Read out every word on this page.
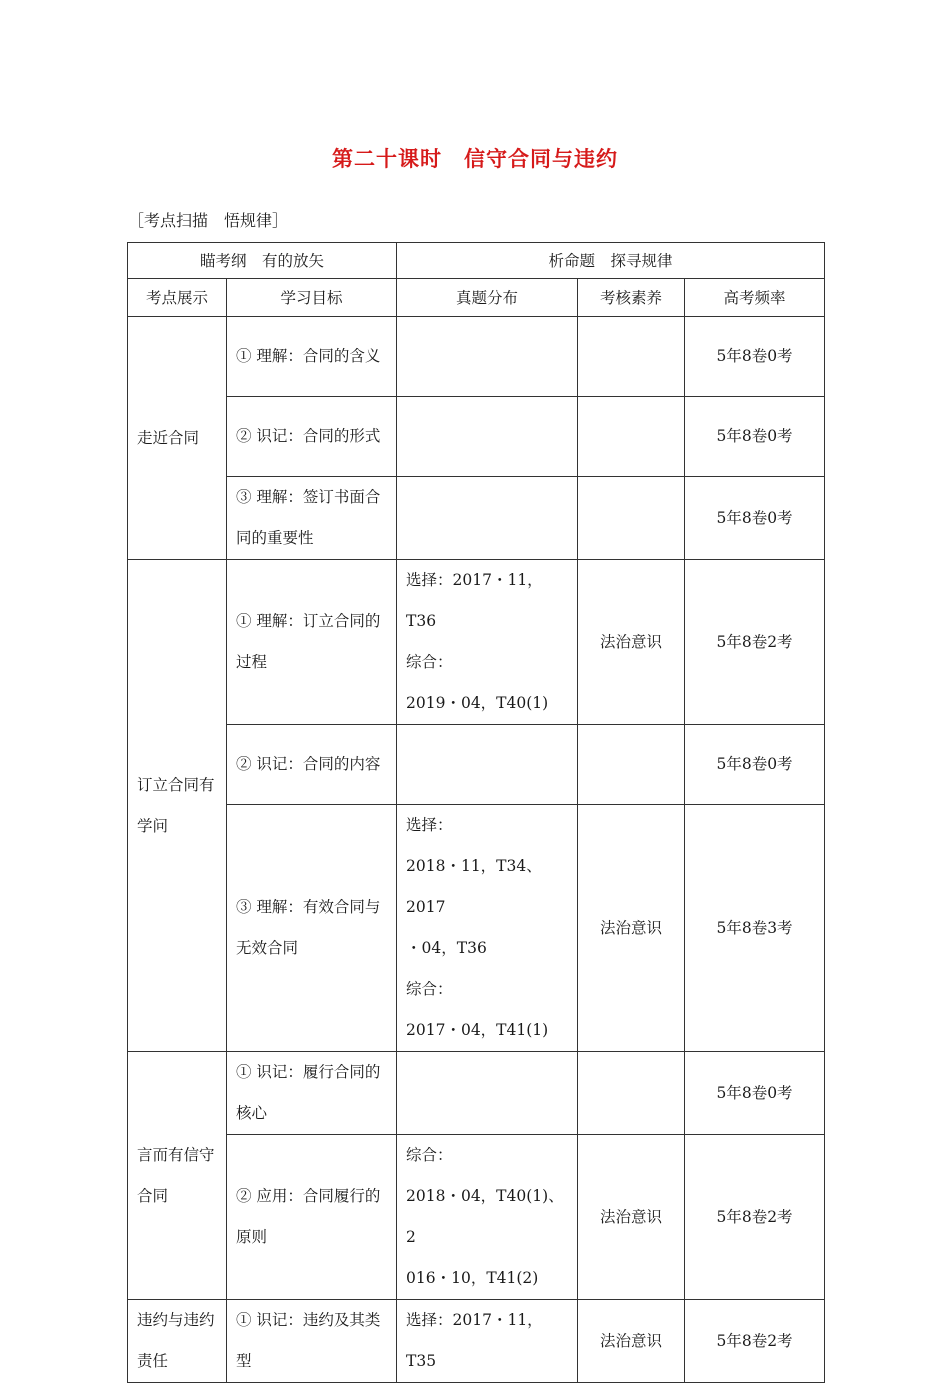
第二十课时　信守合同与违约
［考点扫描　悟规律］
瞄考纲　有的放矢		析命题　探寻规律		
考点展示	学习目标	真题分布	考核素养	高考频率
走近合同	① 理解：合同的含义			5年8卷0考
	② 识记：合同的形式			5年8卷0考
	③ 理解：签订书面合同的重要性			5年8卷0考
订立合同有学问	① 理解：订立合同的过程	选择：2017・11，T36
综合：
2019・04，T40(1)	法治意识	5年8卷2考
	② 识记：合同的内容			5年8卷0考
	③ 理解：有效合同与无效合同	选择：
2018・11，T34、2017
・04，T36
综合：
2017・04，T41(1)	法治意识	5年8卷3考
言而有信守合同	① 识记：履行合同的核心			5年8卷0考
	② 应用：合同履行的原则	综合：
2018・04，T40(1)、2
016・10，T41(2)	法治意识	5年8卷2考
违约与违约责任	① 识记：违约及其类型	选择：2017・11，T35	法治意识	5年8卷2考
